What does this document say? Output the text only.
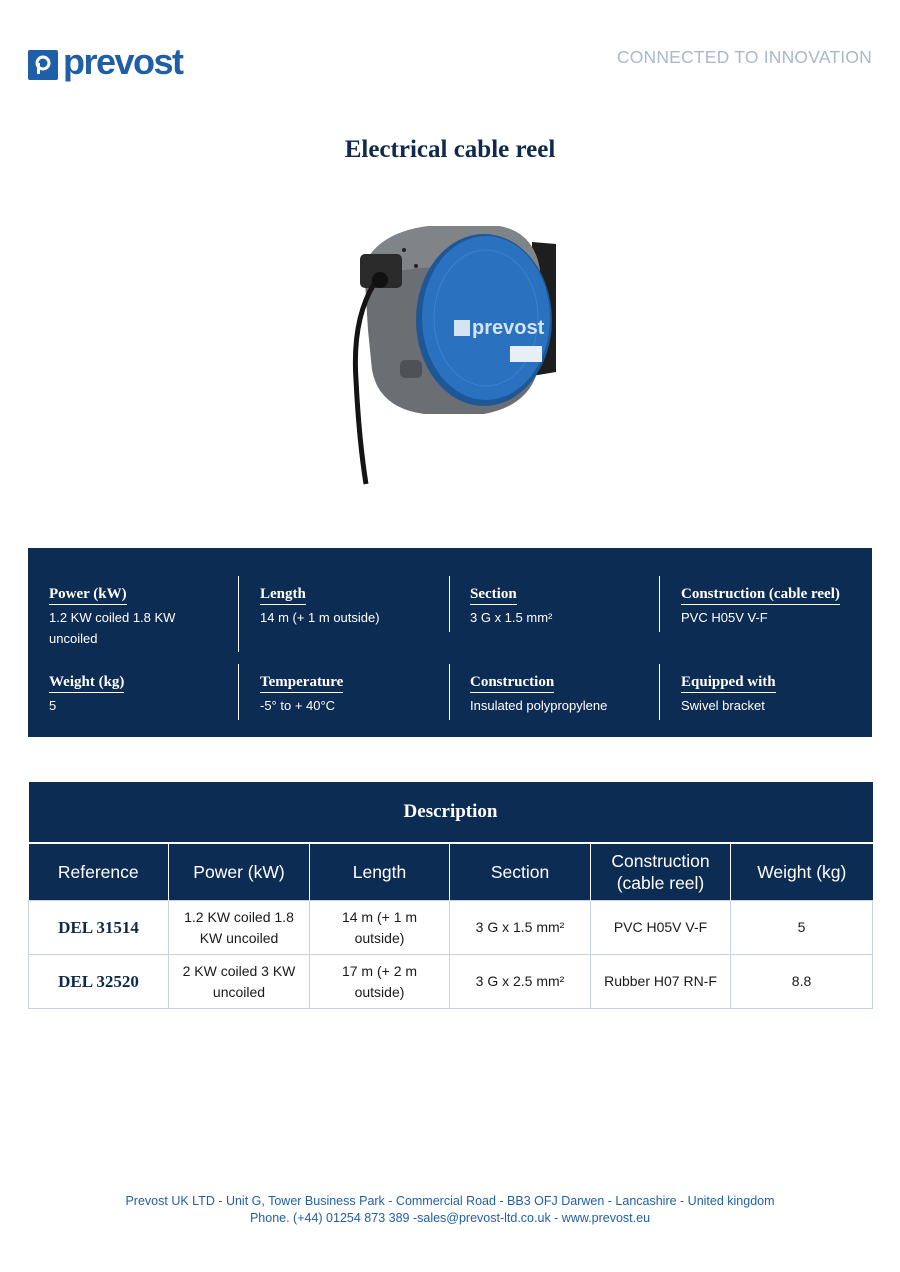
prevost	CONNECTED TO INNOVATION
Electrical cable reel
prevost
Power (kW)
1.2 KW coiled 1.8 KW uncoiled
Length
14 m (+ 1 m outside)
Section
3 G x 1.5 mm²
Construction (cable reel)
PVC H05V V-F
Weight (kg)
5
Temperature
-5° to + 40°C
Construction
Insulated polypropylene
Equipped with
Swivel bracket
Description					
Reference	Power (kW)	Length	Section	Construction (cable reel)	Weight (kg)
DEL 31514	1.2 KW coiled 1.8 KW uncoiled	14 m (+ 1 m outside)	3 G x 1.5 mm²	PVC H05V V-F	5
DEL 32520	2 KW coiled 3 KW uncoiled	17 m (+ 2 m outside)	3 G x 2.5 mm²	Rubber H07 RN-F	8.8
Prevost UK LTD - Unit G, Tower Business Park - Commercial Road - BB3 OFJ Darwen - Lancashire - United kingdom
Phone. (+44) 01254 873 389 -sales@prevost-ltd.co.uk - www.prevost.eu
